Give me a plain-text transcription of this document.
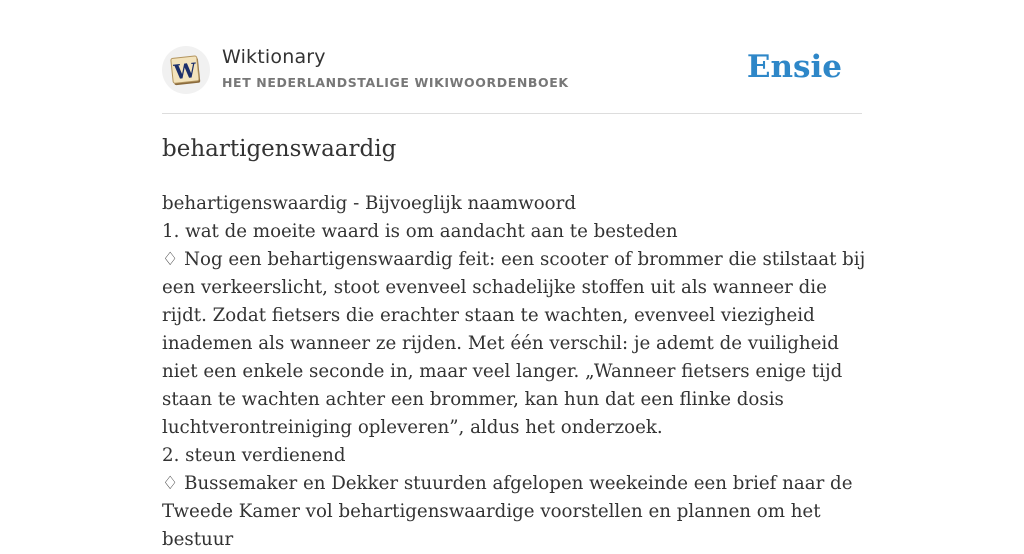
W
Wiktionary
HET NEDERLANDSTALIGE WIKIWOORDENBOEK	Ensie
behartigenswaardig

behartigenswaardig - Bijvoeglijk naamwoord

1. wat de moeite waard is om aandacht aan te besteden

♢ Nog een behartigenswaardig feit: een scooter of brommer die stilstaat bij een verkeerslicht, stoot evenveel schadelijke stoffen uit als wanneer die rijdt. Zodat fietsers die erachter staan te wachten, evenveel viezigheid inademen als wanneer ze rijden. Met één verschil: je ademt de vuiligheid niet een enkele seconde in, maar veel langer. „Wanneer fietsers enige tijd staan te wachten achter een brommer, kan hun dat een flinke dosis luchtverontreiniging opleveren”, aldus het onderzoek.

2. steun verdienend

♢ Bussemaker en Dekker stuurden afgelopen weekeinde een brief naar de Tweede Kamer vol behartigenswaardige voorstellen en plannen om het bestuur
